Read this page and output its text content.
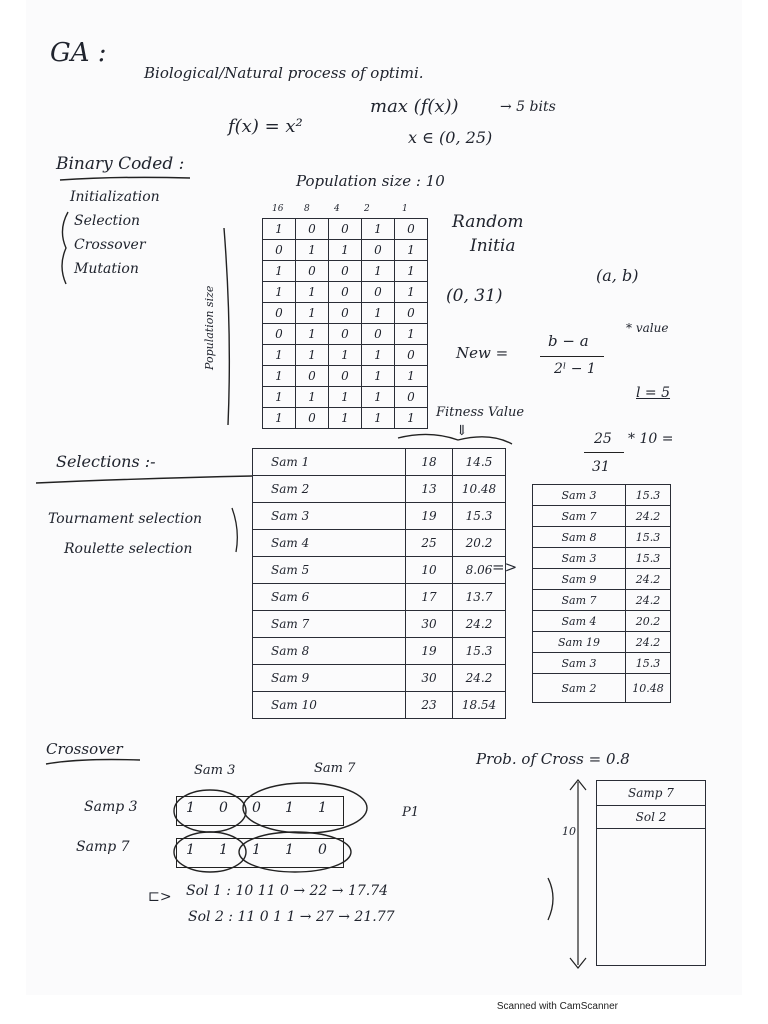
GA :
Biological/Natural process of optimi.
f(x) = x²
max (f(x))	→ 5 bits
x ∈ (0, 25)
Binary Coded :
Initialization
Selection
Crossover
Mutation
Population size : 10
Population size
16 8	4	2	1
1	0	0	1	0
0	1	1	0	1
1	0	0	1	1
1	1	0	0	1
0	1	0	1	0
0	1	0	0	1
1	1	1	1	0
1	0	0	1	1
1	1	1	1	0
1	0	1	1	1
Random
Initia
(a, b)
(0, 31)
New =
b − a
2ˡ − 1
* value
l = 5
25
31
* 10 =
Selections :-
Tournament selection
Roulette selection
Fitness Value
⇓
Sam 1	18	14.5
Sam 2	13	10.48
Sam 3	19	15.3
Sam 4	25	20.2
Sam 5	10	8.06
Sam 6	17	13.7
Sam 7	30	24.2
Sam 8	19	15.3
Sam 9	30	24.2
Sam 10	23	18.54
=>
Sam 3	15.3
Sam 7	24.2
Sam 8	15.3
Sam 3	15.3
Sam 9	24.2
Sam 7	24.2
Sam 4	20.2
Sam 19	24.2
Sam 3	15.3
Sam 2	10.48
Crossover
Prob. of Cross = 0.8
Sam 3	Sam 7
Samp 3
Samp 7
P1
1 0 0 1 1
1 1 1 1 0
⊏> Sol 1 : 10 11 0 → 22 → 17.74
Sol 2 : 11 0 1 1 → 27 → 21.77
Samp 7
Sol 2

10
Scanned with CamScanner
